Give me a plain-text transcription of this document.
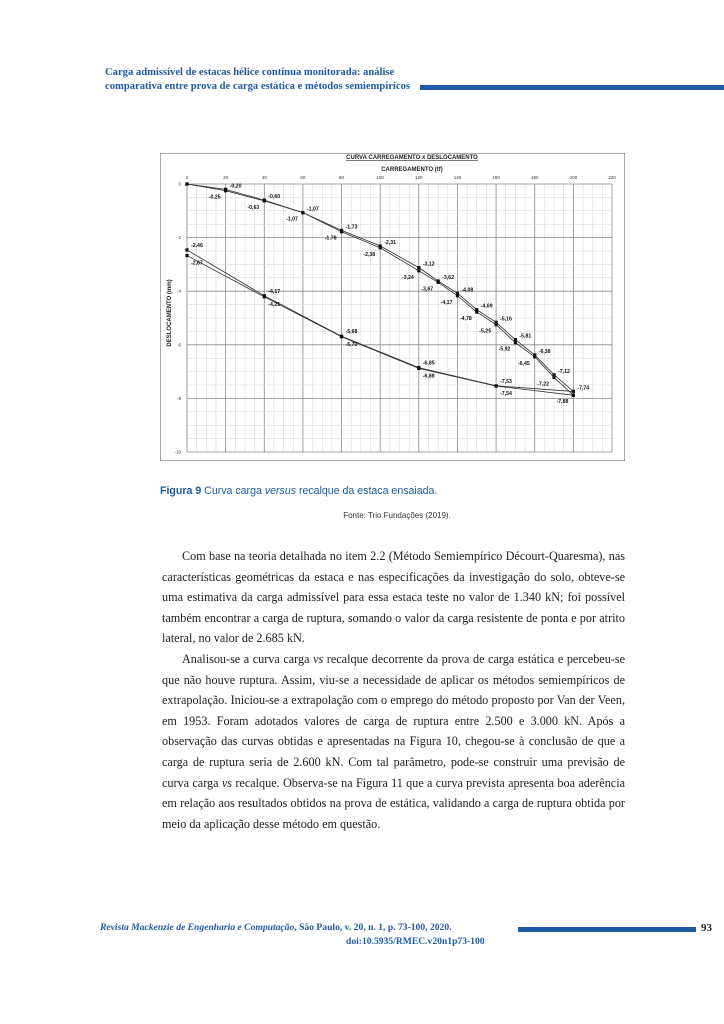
Carga admissível de estacas hélice contínua monitorada: análise
comparativa entre prova de carga estática e métodos semiempíricos
0	20	40	60	80	100	120	140	160	180	200	220
0
-2
-4
-6
-8
-10
-0,20
-0,60
-1,07
-1,73
-2,31
-3,12
-3,62
-4,08
-4,69
-5,16
-5,81
-6,38
-7,12
-7,74
-0,25
-0,63
-1,07
-1,78
-2,38
-3,24
-3,67
-4,17
-4,78
-5,25
-5,92
-6,45
-7,22
-7,88
-2,46
-4,17
-5,68
-6,85
-7,53
-2,67
-4,21
-5,70
-6,88
-7,54
CURVA CARREGAMENTO x DESLOCAMENTO
CARREGAMENTO (tf)
DESLOCAMENTO (mm)
Figura 9 Curva carga versus recalque da estaca ensaiada.
Fonte: Trio Fundações (2019).

Com base na teoria detalhada no item 2.2 (Método Semiempírico Décourt-Quaresma), nas características geométricas da estaca e nas especificações da investigação do solo, obteve-se uma estimativa da carga admissível para essa estaca teste no valor de 1.340 kN; foi possível também encontrar a carga de ruptura, somando o valor da carga resistente de ponta e por atrito lateral, no valor de 2.685 kN.

Analisou-se a curva carga vs recalque decorrente da prova de carga estática e percebeu-se que não houve ruptura. Assim, viu-se a necessidade de aplicar os métodos semiempíricos de extrapolação. Iniciou-se a extrapolação com o emprego do método proposto por Van der Veen, em 1953. Foram adotados valores de carga de ruptura entre 2.500 e 3.000 kN. Após a observação das curvas obtidas e apresentadas na Figura 10, chegou-se à conclusão de que a carga de ruptura seria de 2.600 kN. Com tal parâmetro, pode-se construir uma previsão de curva carga vs recalque. Observa-se na Figura 11 que a curva prevista apresenta boa aderência em relação aos resultados obtidos na prova de estática, validando a carga de ruptura obtida por meio da aplicação desse método em questão.

Revista Mackenzie de Engenharia e Computação, São Paulo, v. 20, n. 1, p. 73-100, 2020.
doi:10.5935/RMEC.v20n1p73-100
93
